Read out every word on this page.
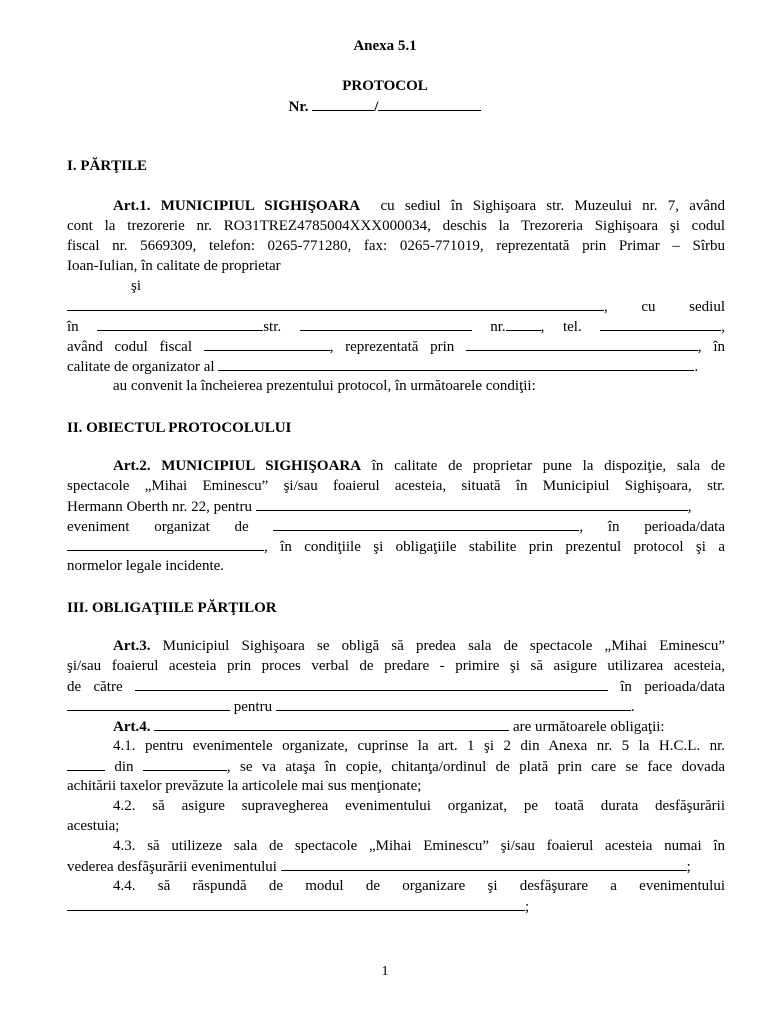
Anexa 5.1
PROTOCOL
Nr.	/
I. PĂRŢILE
Art.1. MUNICIPIUL SIGHIŞOARA cu sediul în Sighişoara str. Muzeului nr. 7, având
cont la trezorerie nr. RO31TREZ4785004XXX000034, deschis la Trezoreria Sighişoara şi codul
fiscal nr. 5669309, telefon: 0265-771280, fax: 0265-771019, reprezentată prin Primar – Sîrbu
Ioan-Iulian, în calitate de proprietar
şi
, cu sediul
în	str.	nr. , tel.	,
având codul fiscal	, reprezentată prin	, în
calitate de organizator al	.
au convenit la încheierea prezentului protocol, în următoarele condiţii:
II. OBIECTUL PROTOCOLULUI
Art.2. MUNICIPIUL SIGHIŞOARA în calitate de proprietar pune la dispoziţie, sala de
spectacole „Mihai Eminescu” şi/sau foaierul acesteia, situată în Municipiul Sighişoara, str.
Hermann Oberth nr. 22, pentru	,
eveniment organizat de	, în perioada/data
, în condiţiile şi obligaţiile stabilite prin prezentul protocol şi a
normelor legale incidente.
III. OBLIGAŢIILE PĂRŢILOR
Art.3. Municipiul Sighişoara se obligă să predea sala de spectacole „Mihai Eminescu”
şi/sau foaierul acesteia prin proces verbal de predare - primire şi să asigure utilizarea acesteia,
de către	în perioada/data
pentru	.
Art.4.	are următoarele obligaţii:
4.1. pentru evenimentele organizate, cuprinse la art. 1 şi 2 din Anexa nr. 5 la H.C.L. nr.
din	, se va ataşa în copie, chitanţa/ordinul de plată prin care se face dovada
achitării taxelor prevăzute la articolele mai sus menţionate;
4.2. să asigure supravegherea evenimentului organizat, pe toată durata desfăşurării
acestuia;
4.3. să utilizeze sala de spectacole „Mihai Eminescu” şi/sau foaierul acesteia numai în
vederea desfăşurării evenimentului	;
4.4. să răspundă de modul de organizare şi desfăşurare a evenimentului
;
1
